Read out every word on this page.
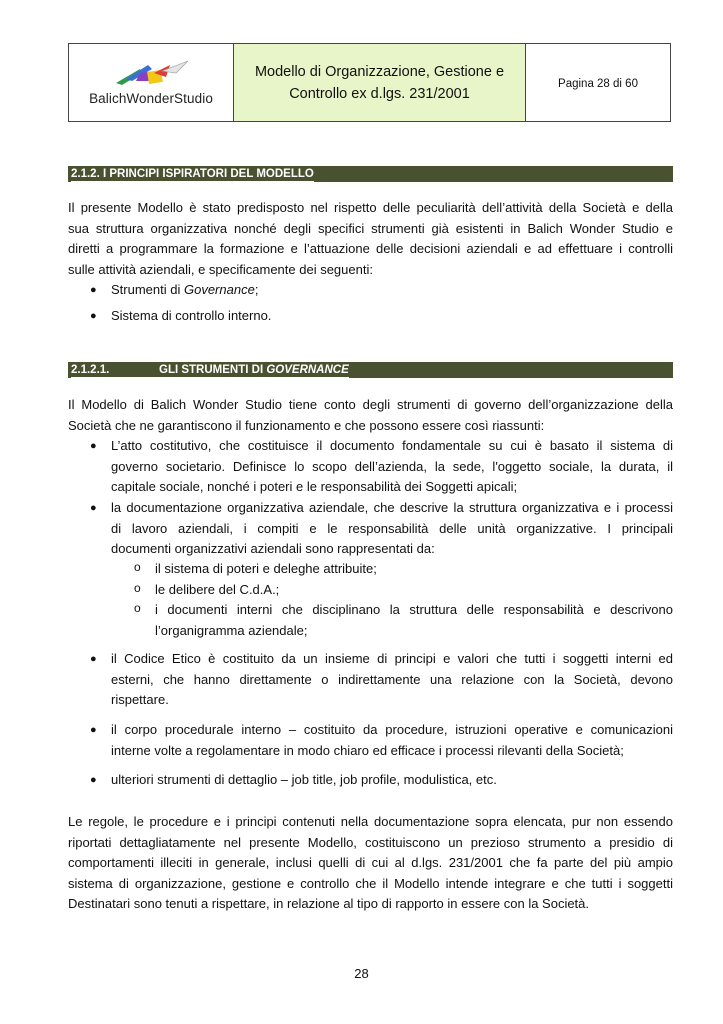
BalichWonderStudio
Modello di Organizzazione, Gestione e
Controllo ex d.lgs. 231/2001
Pagina 28 di 60
2.1.2. I PRINCIPI ISPIRATORI DEL MODELLO
Il presente Modello è stato predisposto nel rispetto delle peculiarità dell’attività della Società e della
sua struttura organizzativa nonché degli specifici strumenti già esistenti in Balich Wonder Studio e
diretti a programmare la formazione e l’attuazione delle decisioni aziendali e ad effettuare i controlli
sulle attività aziendali, e specificamente dei seguenti:
● Strumenti di Governance;
● Sistema di controllo interno.
2.1.2.1.	GLI STRUMENTI DI GOVERNANCE
Il Modello di Balich Wonder Studio tiene conto degli strumenti di governo dell’organizzazione della
Società che ne garantiscono il funzionamento e che possono essere così riassunti:
● L’atto costitutivo, che costituisce il documento fondamentale su cui è basato il sistema di
governo societario. Definisce lo scopo dell’azienda, la sede, l'oggetto sociale, la durata, il
capitale sociale, nonché i poteri e le responsabilità dei Soggetti apicali;
● la documentazione organizzativa aziendale, che descrive la struttura organizzativa e i processi
di lavoro aziendali, i compiti e le responsabilità delle unità organizzative. I principali
documenti organizzativi aziendali sono rappresentati da:
o il sistema di poteri e deleghe attribuite;
o le delibere del C.d.A.;
o i documenti interni che disciplinano la struttura delle responsabilità e descrivono
l’organigramma aziendale;
● il Codice Etico è costituito da un insieme di principi e valori che tutti i soggetti interni ed
esterni, che hanno direttamente o indirettamente una relazione con la Società, devono
rispettare.
● il corpo procedurale interno – costituito da procedure, istruzioni operative e comunicazioni
interne volte a regolamentare in modo chiaro ed efficace i processi rilevanti della Società;
● ulteriori strumenti di dettaglio – job title, job profile, modulistica, etc.
Le regole, le procedure e i principi contenuti nella documentazione sopra elencata, pur non essendo
riportati dettagliatamente nel presente Modello, costituiscono un prezioso strumento a presidio di
comportamenti illeciti in generale, inclusi quelli di cui al d.lgs. 231/2001 che fa parte del più ampio
sistema di organizzazione, gestione e controllo che il Modello intende integrare e che tutti i soggetti
Destinatari sono tenuti a rispettare, in relazione al tipo di rapporto in essere con la Società.
28
